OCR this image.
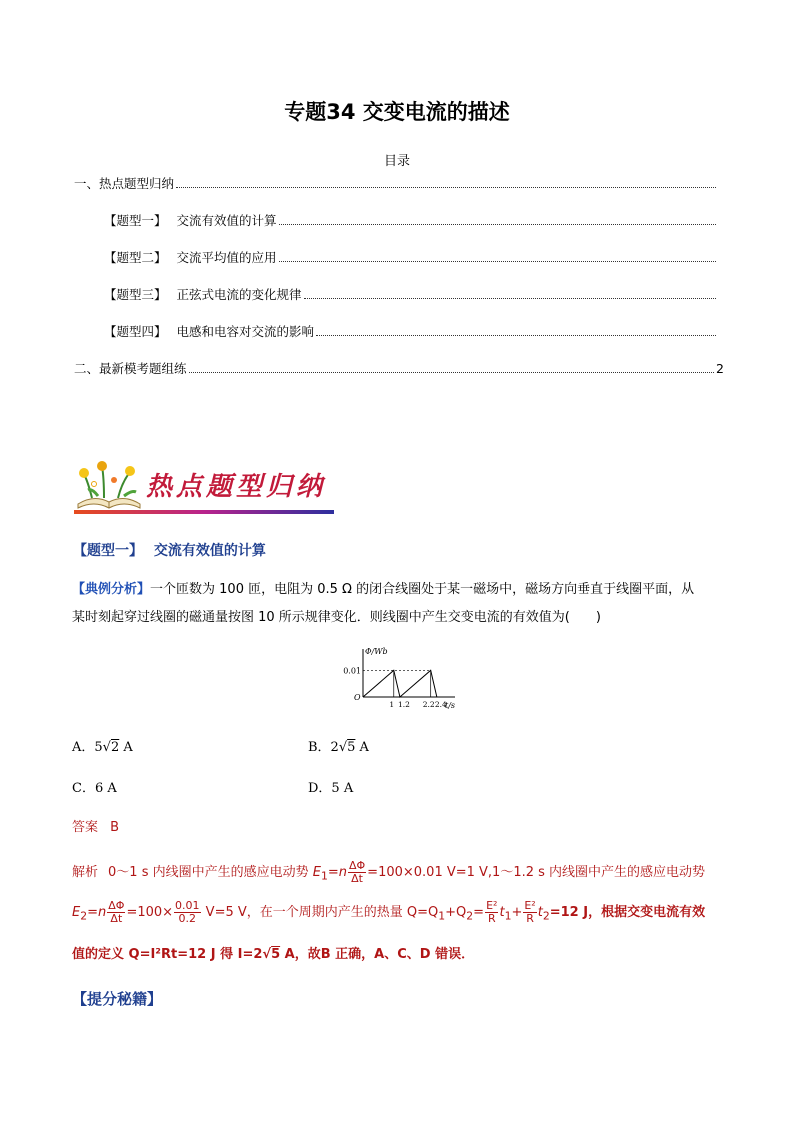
专题34 交变电流的描述
目录
一、热点题型归纳
【题型一】 交流有效值的计算
【题型二】 交流平均值的应用
【题型三】 正弦式电流的变化规律
【题型四】 电感和电容对交流的影响
二、最新模考题组练	2
热点题型归纳
【题型一】 交流有效值的计算
【典例分析】一个匝数为 100 匝，电阻为 0.5 Ω 的闭合线圈处于某一磁场中，磁场方向垂直于线圈平面，从
某时刻起穿过线圈的磁通量按图 10 所示规律变化．则线圈中产生交变电流的有效值为(　　)
Φ/Wb
t/s
O
0.01
1 1.2 2.2 2.4
A．5√2 A	B．2√5 A
C．6 A	D．5 A
答案 B
解析 0～1 s 内线圈中产生的感应电动势 $E_1=n \frac{\Delta\Phi}{\Delta t} =100\times 0.01$ V=1 V,1～1.2 s 内线圈中产生的感应电动势
$E_2=n \frac{\Delta\Phi}{\Delta t} =100\times \frac{0.01}{0.2} V=5$ V，在一个周期内产生的热量 $Q=Q_1+Q_2= \frac{\text{E²}}{R} t_1+ \frac{\text{E²}}{R} t_2=12$ J，根据交变电流有效
值的定义 Q=I²Rt=12 J 得 I=2√5 A，故B 正确，A、C、D 错误．
【提分秘籍】
